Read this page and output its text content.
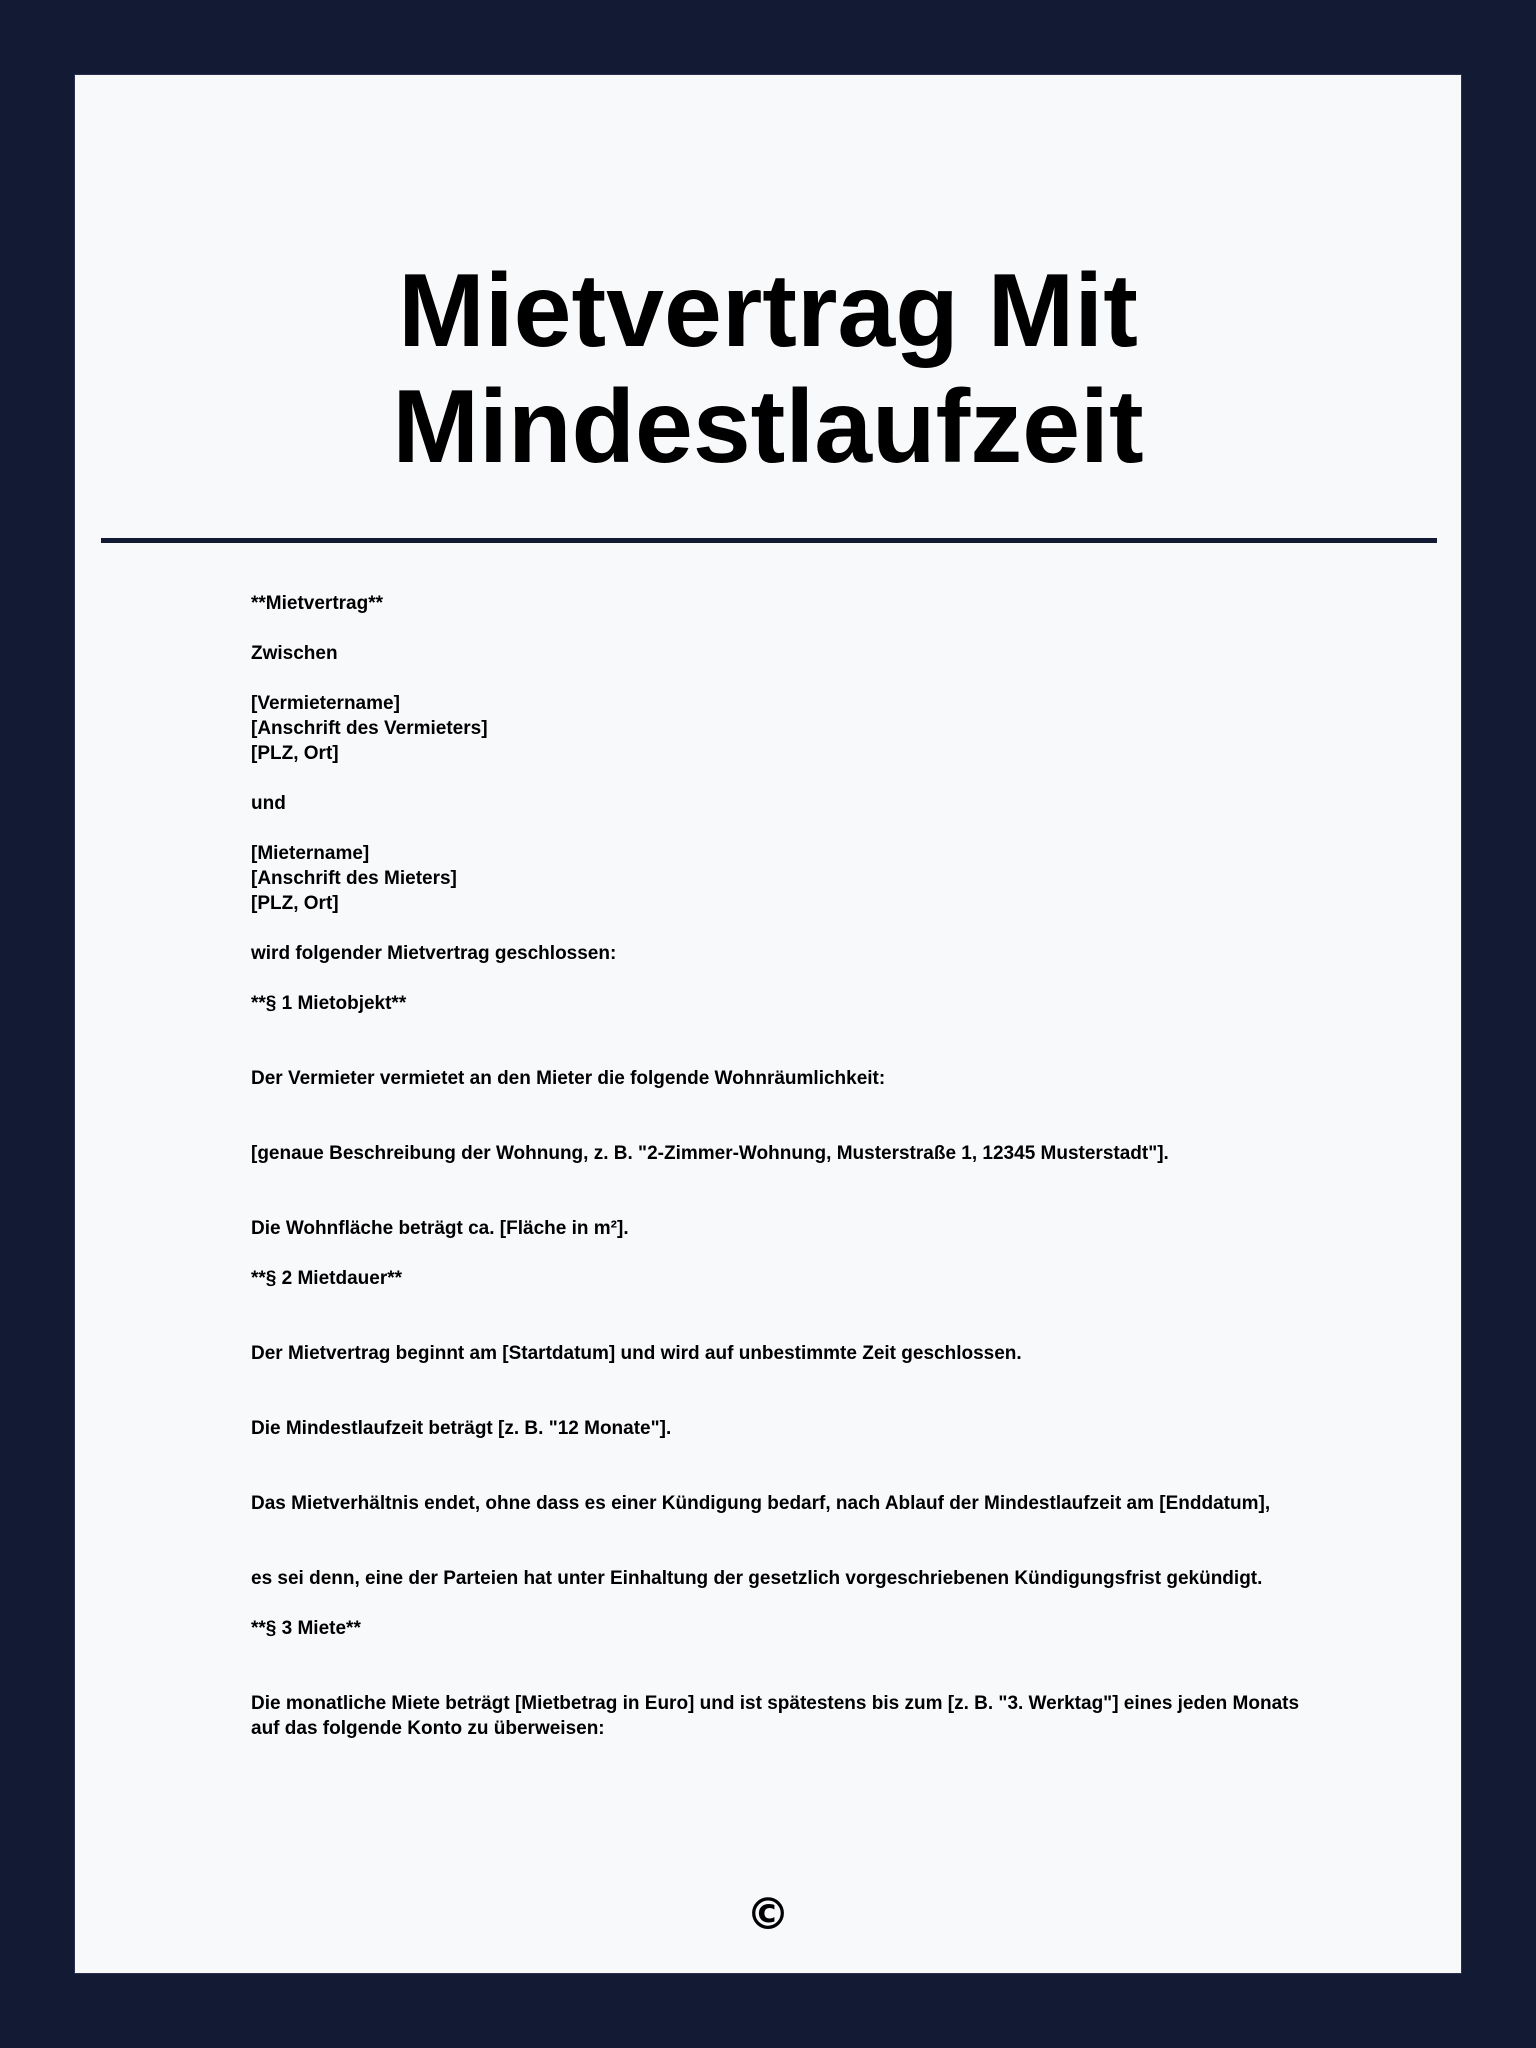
Mietvertrag Mit
Mindestlaufzeit

**Mietvertrag**

Zwischen

[Vermietername]

[Anschrift des Vermieters]

[PLZ, Ort]

und

[Mietername]

[Anschrift des Mieters]

[PLZ, Ort]

wird folgender Mietvertrag geschlossen:

**§ 1 Mietobjekt**

Der Vermieter vermietet an den Mieter die folgende Wohnräumlichkeit:

[genaue Beschreibung der Wohnung, z. B. "2-Zimmer-Wohnung, Musterstraße 1, 12345 Musterstadt"].

Die Wohnfläche beträgt ca. [Fläche in m²].

**§ 2 Mietdauer**

Der Mietvertrag beginnt am [Startdatum] und wird auf unbestimmte Zeit geschlossen.

Die Mindestlaufzeit beträgt [z. B. "12 Monate"].

Das Mietverhältnis endet, ohne dass es einer Kündigung bedarf, nach Ablauf der Mindestlaufzeit am [Enddatum],

es sei denn, eine der Parteien hat unter Einhaltung der gesetzlich vorgeschriebenen Kündigungsfrist gekündigt.

**§ 3 Miete**

Die monatliche Miete beträgt [Mietbetrag in Euro] und ist spätestens bis zum [z. B. "3. Werktag"] eines jeden Monats auf das folgende Konto zu überweisen:

©
